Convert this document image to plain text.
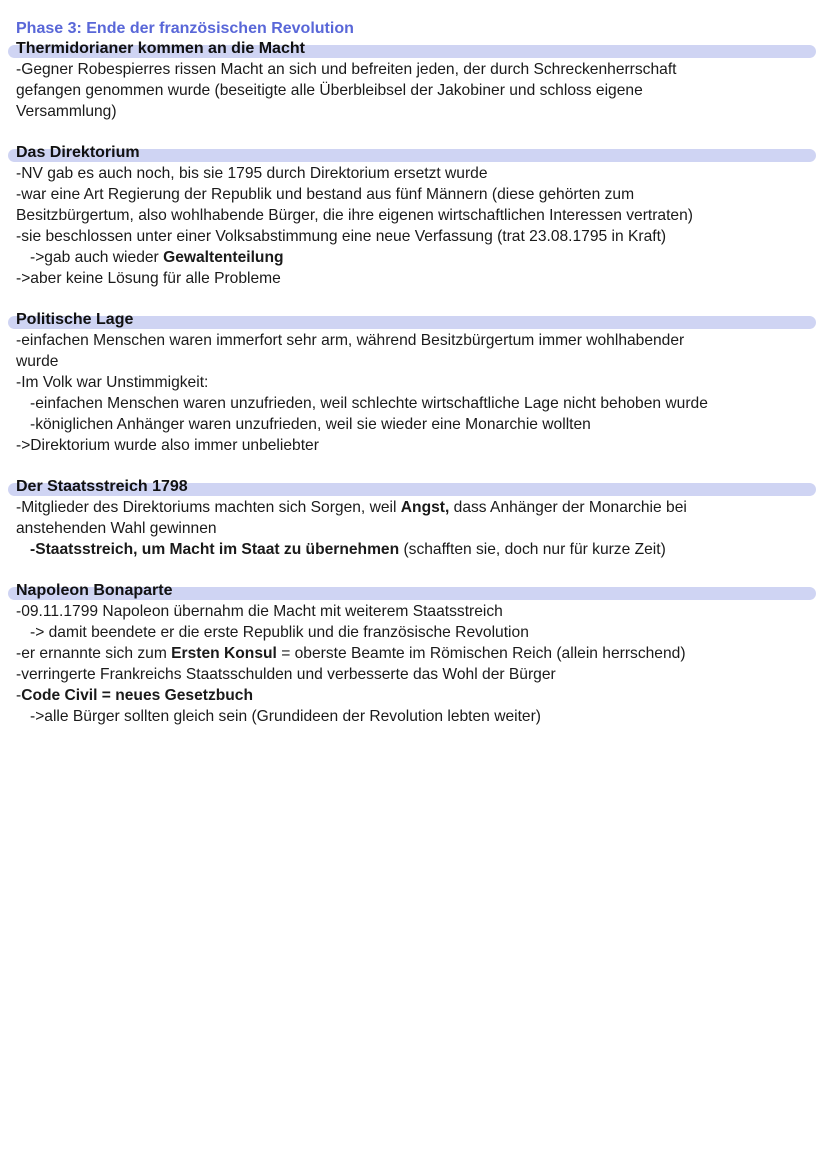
Phase 3: Ende der französischen Revolution

Thermidorianer kommen an die Macht

-Gegner Robespierres rissen Macht an sich und befreiten jeden, der durch Schreckenherrschaft

gefangen genommen wurde (beseitigte alle Überbleibsel der Jakobiner und schloss eigene

Versammlung)

Das Direktorium

-NV gab es auch noch, bis sie 1795 durch Direktorium ersetzt wurde

-war eine Art Regierung der Republik und bestand aus fünf Männern (diese gehörten zum

Besitzbürgertum, also wohlhabende Bürger, die ihre eigenen wirtschaftlichen Interessen vertraten)

-sie beschlossen unter einer Volksabstimmung eine neue Verfassung (trat 23.08.1795 in Kraft)

->gab auch wieder Gewaltenteilung

->aber keine Lösung für alle Probleme

Politische Lage

-einfachen Menschen waren immerfort sehr arm, während Besitzbürgertum immer wohlhabender

wurde

-Im Volk war Unstimmigkeit:

-einfachen Menschen waren unzufrieden, weil schlechte wirtschaftliche Lage nicht behoben wurde

-königlichen Anhänger waren unzufrieden, weil sie wieder eine Monarchie wollten

->Direktorium wurde also immer unbeliebter

Der Staatsstreich 1798

-Mitglieder des Direktoriums machten sich Sorgen, weil Angst, dass Anhänger der Monarchie bei

anstehenden Wahl gewinnen

-Staatsstreich, um Macht im Staat zu übernehmen (schafften sie, doch nur für kurze Zeit)

Napoleon Bonaparte

-09.11.1799 Napoleon übernahm die Macht mit weiterem Staatsstreich

-> damit beendete er die erste Republik und die französische Revolution

-er ernannte sich zum Ersten Konsul = oberste Beamte im Römischen Reich (allein herrschend)

-verringerte Frankreichs Staatsschulden und verbesserte das Wohl der Bürger

-Code Civil = neues Gesetzbuch

->alle Bürger sollten gleich sein (Grundideen der Revolution lebten weiter)
